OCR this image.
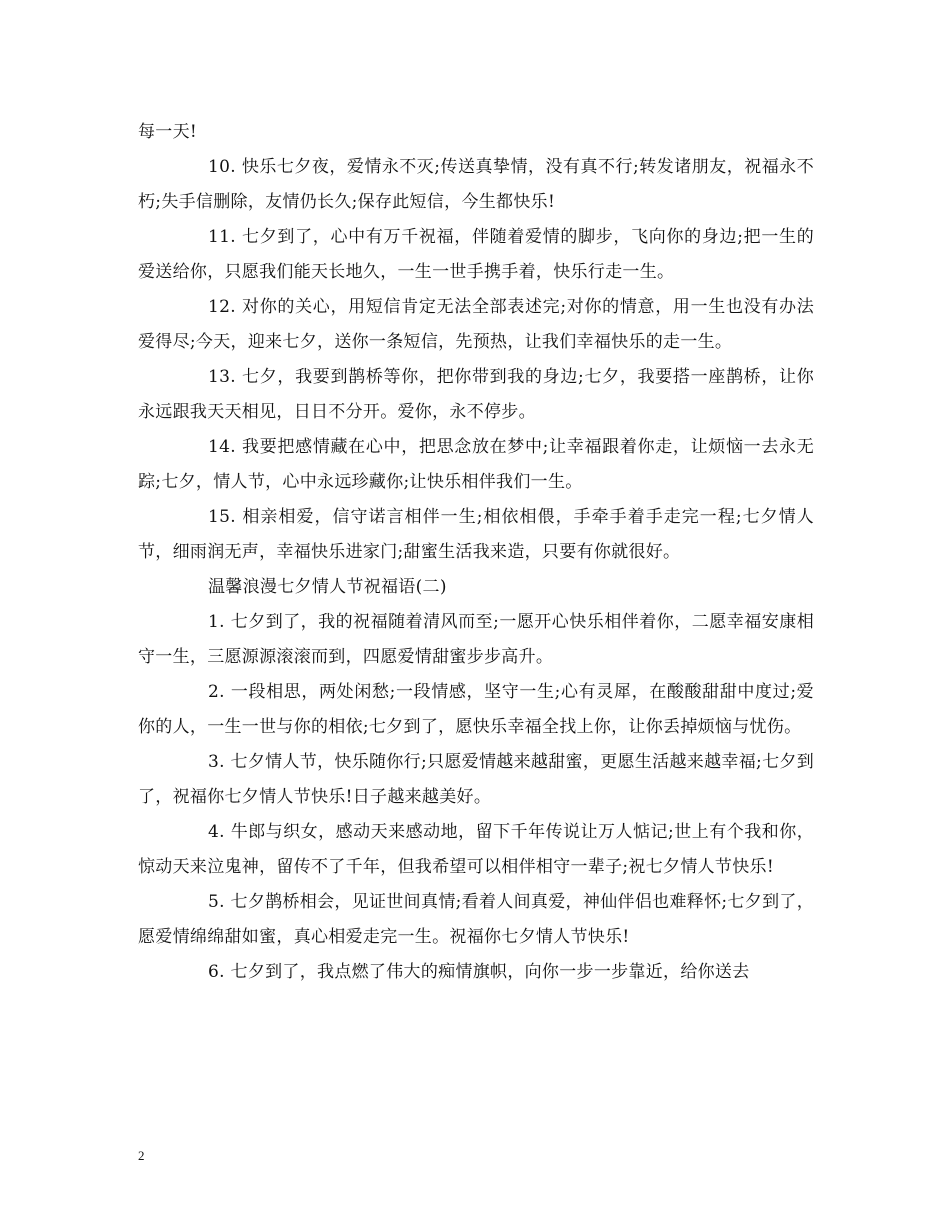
每一天!

10. 快乐七夕夜，爱情永不灭;传送真挚情，没有真不行;转发诸朋友，祝福永不朽;失手信删除，友情仍长久;保存此短信，今生都快乐!

11. 七夕到了，心中有万千祝福，伴随着爱情的脚步，飞向你的身边;把一生的爱送给你，只愿我们能天长地久，一生一世手携手着，快乐行走一生。

12. 对你的关心，用短信肯定无法全部表述完;对你的情意，用一生也没有办法爱得尽;今天，迎来七夕，送你一条短信，先预热，让我们幸福快乐的走一生。

13. 七夕，我要到鹊桥等你，把你带到我的身边;七夕，我要搭一座鹊桥，让你永远跟我天天相见，日日不分开。爱你，永不停步。

14. 我要把感情藏在心中，把思念放在梦中;让幸福跟着你走，让烦恼一去永无踪;七夕，情人节，心中永远珍藏你;让快乐相伴我们一生。

15. 相亲相爱，信守诺言相伴一生;相依相偎，手牵手着手走完一程;七夕情人节，细雨润无声，幸福快乐进家门;甜蜜生活我来造，只要有你就很好。

温馨浪漫七夕情人节祝福语(二)

1. 七夕到了，我的祝福随着清风而至;一愿开心快乐相伴着你，二愿幸福安康相守一生，三愿源源滚滚而到，四愿爱情甜蜜步步高升。

2. 一段相思，两处闲愁;一段情感，坚守一生;心有灵犀，在酸酸甜甜中度过;爱你的人，一生一世与你的相依;七夕到了，愿快乐幸福全找上你，让你丢掉烦恼与忧伤。

3. 七夕情人节，快乐随你行;只愿爱情越来越甜蜜，更愿生活越来越幸福;七夕到了，祝福你七夕情人节快乐!日子越来越美好。

4. 牛郎与织女，感动天来感动地，留下千年传说让万人惦记;世上有个我和你，惊动天来泣鬼神，留传不了千年，但我希望可以相伴相守一辈子;祝七夕情人节快乐!

5. 七夕鹊桥相会，见证世间真情;看着人间真爱，神仙伴侣也难释怀;七夕到了，愿爱情绵绵甜如蜜，真心相爱走完一生。祝福你七夕情人节快乐!

6. 七夕到了，我点燃了伟大的痴情旗帜，向你一步一步靠近，给你送去

2
